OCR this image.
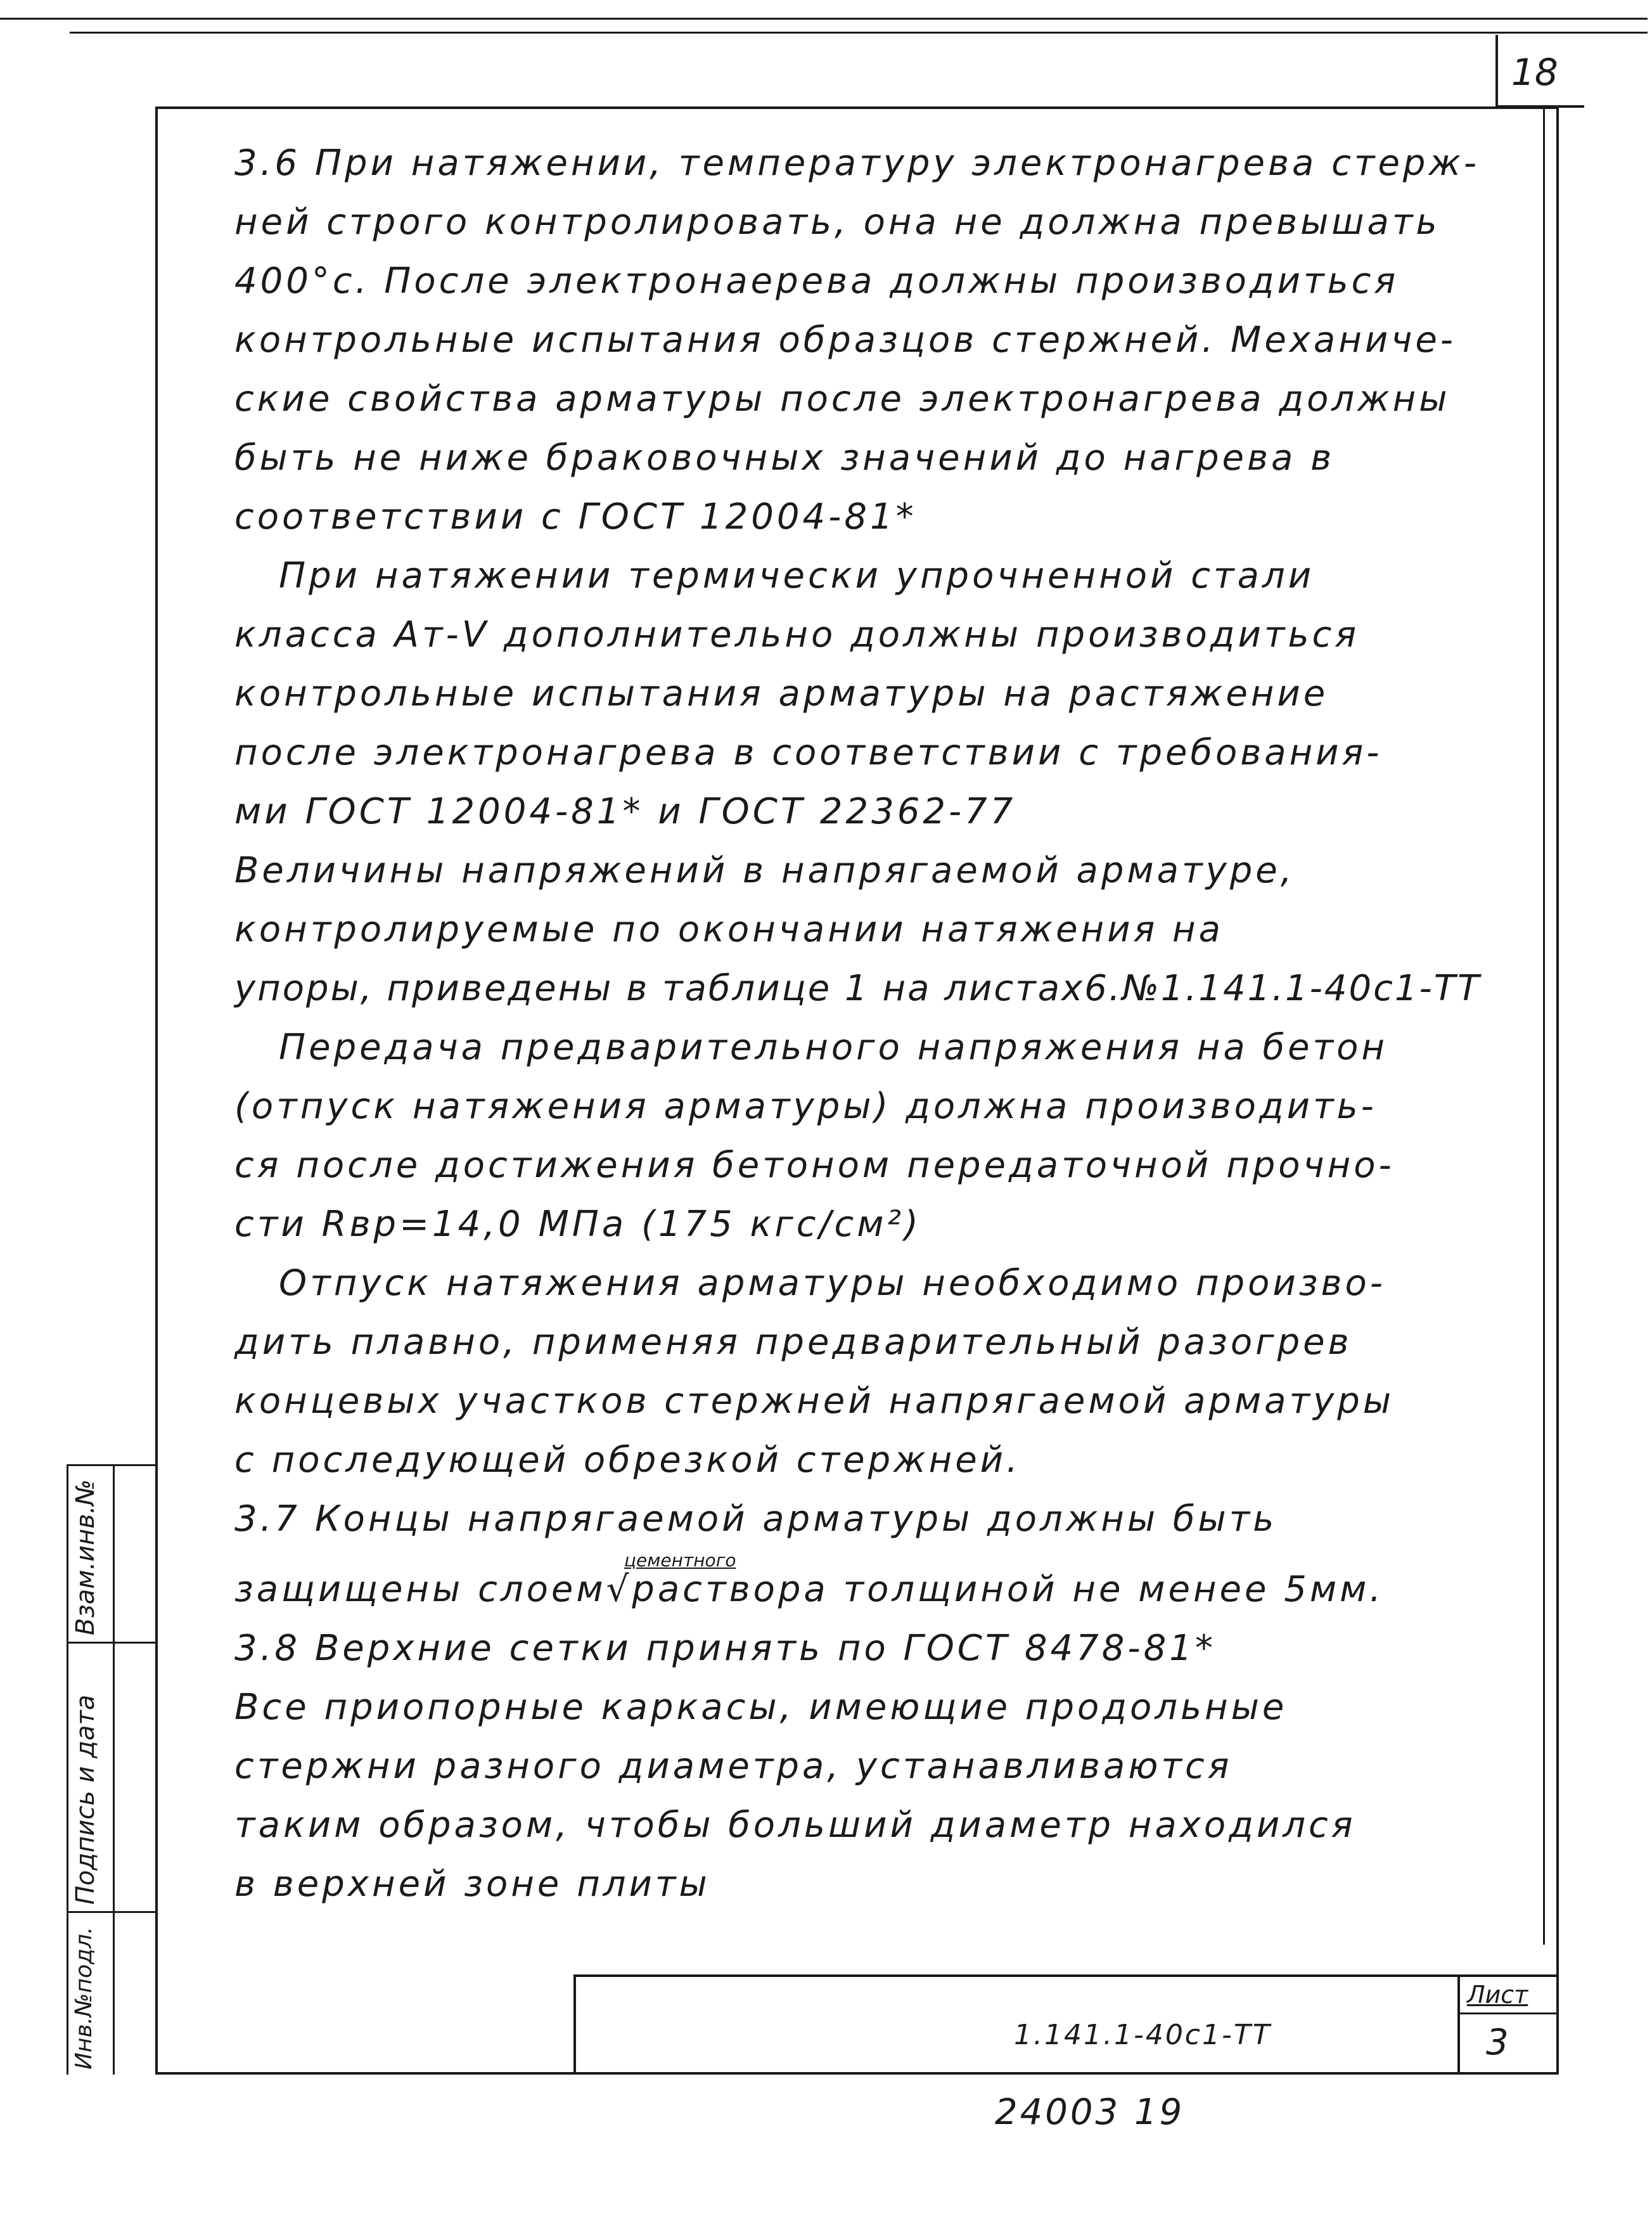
18
3.6 При натяжении, температуру электронагрева стерж-
ней строго контролировать, она не должна превышать
400°с. После электронаерева должны производиться
контрольные испытания образцов стержней. Механиче-
ские свойства арматуры после электронагрева должны
быть не ниже браковочных значений до нагрева в
соответствии с ГОСТ 12004-81*
При натяжении термически упрочненной стали
класса Ат-Ⅴ дополнительно должны производиться
контрольные испытания арматуры на растяжение
после электронагрева в соответствии с требования-
ми ГОСТ 12004-81* и ГОСТ 22362-77
Величины напряжений в напрягаемой арматуре,
контролируемые по окончании натяжения на
упоры, приведены в таблице 1 на листах6.№1.141.1-40с1-ТТ
Передача предварительного напряжения на бетон
(отпуск натяжения арматуры) должна производить-
ся после достижения бетоном передаточной прочно-
сти Rвр=14,0 МПа (175 кгс/см²)
Отпуск натяжения арматуры необходимо произво-
дить плавно, применяя предварительный разогрев
концевых участков стержней напрягаемой арматуры
с последующей обрезкой стержней.
3.7 Концы напрягаемой арматуры должны быть
цементного
защищены слоем√раствора толщиной не менее 5мм.
3.8 Верхние сетки принять по ГОСТ 8478-81*
Все приопорные каркасы, имеющие продольные
стержни разного диаметра, устанавливаются
таким образом, чтобы больший диаметр находился
в верхней зоне плиты
Взам.инв.№
Подпись и дата
Инв.№подл.	1.141.1-40с1-ТТ
Лист
3
24003 19
